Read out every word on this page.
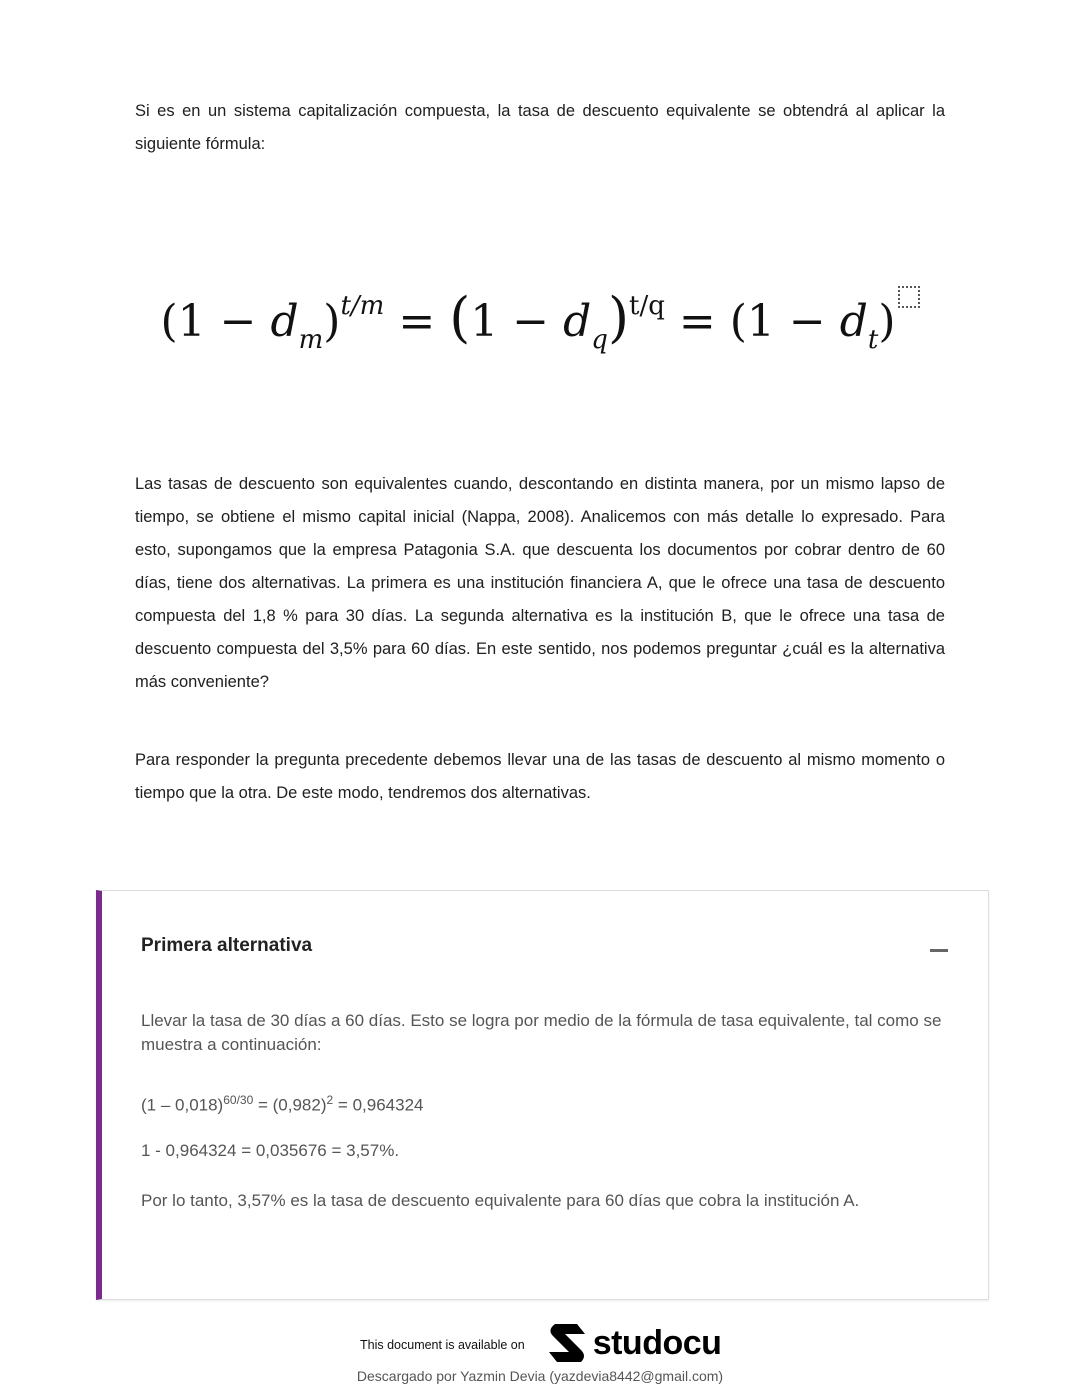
Si es en un sistema capitalización compuesta, la tasa de descuento equivalente se obtendrá al aplicar la siguiente fórmula:
$(1 - d_m)^{t/m} = (1 - d_q)^{t/q} = (1 - d_t)$
Las tasas de descuento son equivalentes cuando, descontando en distinta manera, por un mismo lapso de tiempo, se obtiene el mismo capital inicial (Nappa, 2008). Analicemos con más detalle lo expresado. Para esto, supongamos que la empresa Patagonia S.A. que descuenta los documentos por cobrar dentro de 60 días, tiene dos alternativas. La primera es una institución financiera A, que le ofrece una tasa de descuento compuesta del 1,8 % para 30 días. La segunda alternativa es la institución B, que le ofrece una tasa de descuento compuesta del 3,5% para 60 días. En este sentido, nos podemos preguntar ¿cuál es la alternativa más conveniente?
Para responder la pregunta precedente debemos llevar una de las tasas de descuento al mismo momento o tiempo que la otra. De este modo, tendremos dos alternativas.
Primera alternativa
Llevar la tasa de 30 días a 60 días. Esto se logra por medio de la fórmula de tasa equivalente, tal como se muestra a continuación:
$(1 - 0,018)^{60/30} = (0,982)^2 = 0,964324$
1 - 0,964324 = 0,035676 = 3,57%.
Por lo tanto, 3,57% es la tasa de descuento equivalente para 60 días que cobra la institución A.
This document is available on studocu
Descargado por Yazmin Devia (yazdevia8442@gmail.com)
